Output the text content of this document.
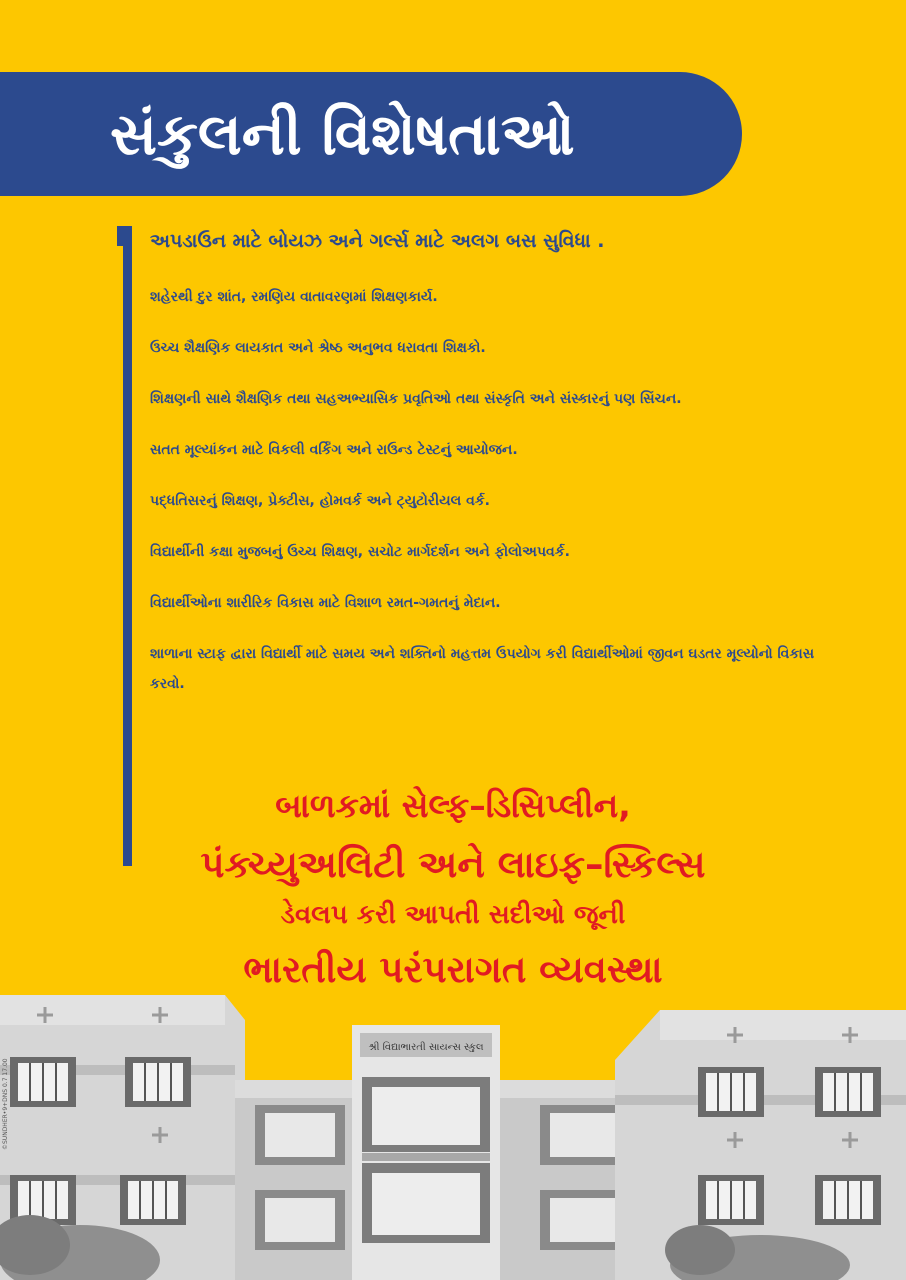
સંકુલની વિશેષતાઓ
અપડાઉન માટે બોયઝ અને ગર્લ્સ માટે અલગ બસ સુવિધા .
શહેરથી દુર શાંત, રમણિય વાતાવરણમાં શિક્ષણકાર્ય.
ઉચ્ચ શૈક્ષણિક લાયકાત અને શ્રેષ્ઠ અનુભવ ધરાવતા શિક્ષકો.
શિક્ષણની સાથે શૈક્ષણિક તથા સહઅભ્યાસિક પ્રવૃતિઓ તથા સંસ્કૃતિ અને સંસ્કારનું પણ સિંચન.
સતત મૂલ્યાંકન માટે વિકલી વર્કિંગ અને રાઉન્ડ ટેસ્ટનું આયોજન.
પદ્ધતિસરનું શિક્ષણ, પ્રેક્ટીસ, હોમવર્ક અને ટ્યુટોરીયલ વર્ક.
વિદ્યાર્થીની કક્ષા મુજબનું ઉચ્ચ શિક્ષણ, સચોટ માર્ગદર્શન અને ફોલોઅપવર્ક.
વિદ્યાર્થીઓના શારીરિક વિકાસ માટે વિશાળ રમત-ગમતનું મેદાન.
શાળાના સ્ટાફ દ્વારા વિદ્યાર્થી માટે સમય અને શક્તિનો મહત્તમ ઉપયોગ કરી વિદ્યાર્થીઓમાં જીવન ઘડતર મૂલ્યોનો વિકાસ કરવો.
બાળકમાં સેલ્ફ–ડિસિપ્લીન,
પંક્ચ્યુઅલિટી અને લાઇફ–સ્કિલ્સ
ડેવલપ કરી આપતી સદીઓ જૂની
ભારતીય પરંપરાગત વ્યવસ્થા
શ્રી વિદ્યાભારતી સાયન્સ સ્કુલ
©SUNDHER•9+DNS 0.7 17.00
